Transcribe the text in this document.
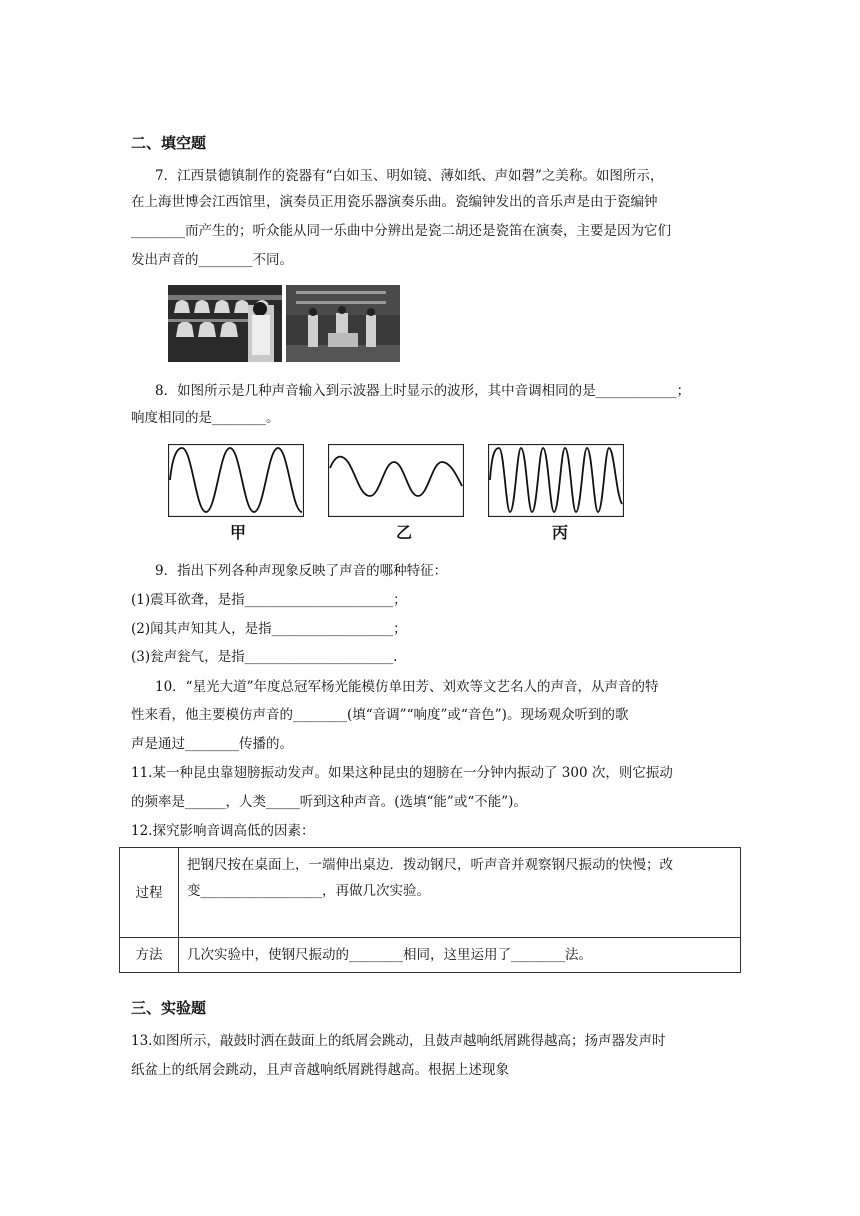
二、填空题
7．江西景德镇制作的瓷器有“白如玉、明如镜、薄如纸、声如磬”之美称。如图所示，
在上海世博会江西馆里，演奏员正用瓷乐器演奏乐曲。瓷编钟发出的音乐声是由于瓷编钟
________而产生的；听众能从同一乐曲中分辨出是瓷二胡还是瓷笛在演奏，主要是因为它们
发出声音的________不同。
8．如图所示是几种声音输入到示波器上时显示的波形，其中音调相同的是____________；
响度相同的是________。
甲	乙	丙
9．指出下列各种声现象反映了声音的哪种特征：
(1)震耳欲聋，是指______________________；
(2)闻其声知其人，是指__________________；
(3)瓮声瓮气，是指______________________.
10．“星光大道”年度总冠军杨光能模仿单田芳、刘欢等文艺名人的声音，从声音的特
性来看，他主要模仿声音的________(填“音调”“响度”或“音色”)。现场观众听到的歌
声是通过________传播的。
11.某一种昆虫靠翅膀振动发声。如果这种昆虫的翅膀在一分钟内振动了 300 次，则它振动
的频率是______，人类_____听到这种声音。(选填“能”或“不能”)。
12.探究影响音调高低的因素：
过程	把钢尺按在桌面上，一端伸出桌边．拨动钢尺，听声音并观察钢尺振动的快慢；改
变__________________，再做几次实验。

方法	几次实验中，使钢尺振动的________相同，这里运用了________法。
三、实验题
13.如图所示，敲鼓时洒在鼓面上的纸屑会跳动，且鼓声越响纸屑跳得越高；扬声器发声时
纸盆上的纸屑会跳动，且声音越响纸屑跳得越高。根据上述现象
